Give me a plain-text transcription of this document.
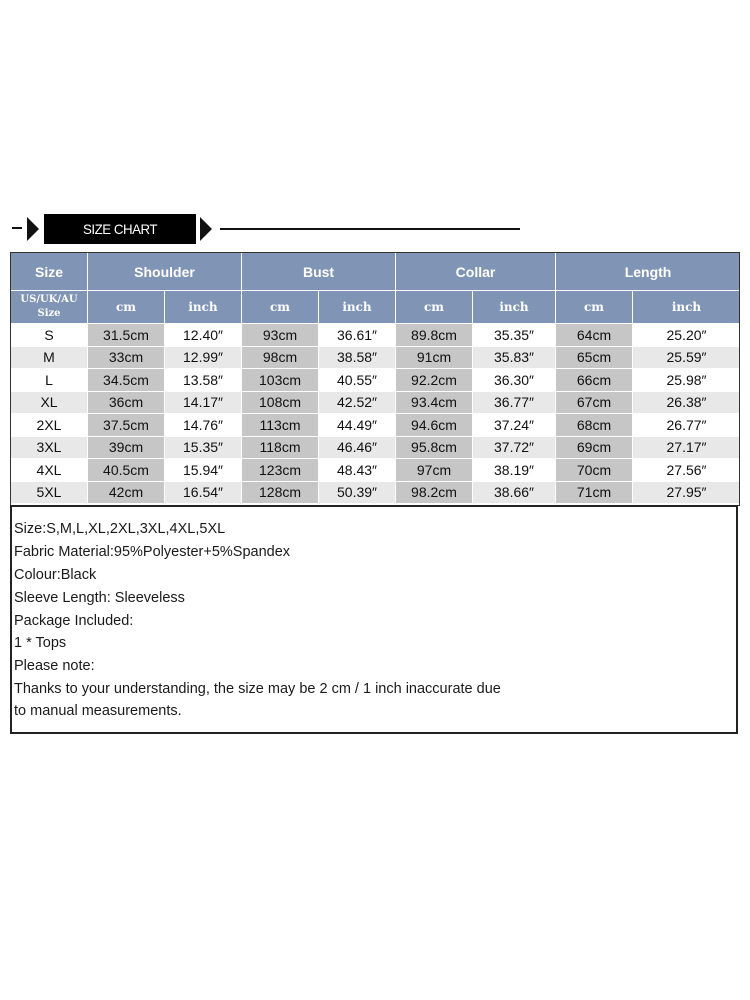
SIZE CHART
Size	Shoulder		Bust		Collar		Length	

US/UK/AU
Size	cm	inch	cm	inch	cm	inch	cm	inch
S	31.5cm	12.40″	93cm	36.61″	89.8cm	35.35″	64cm	25.20″
M	33cm	12.99″	98cm	38.58″	91cm	35.83″	65cm	25.59″
L	34.5cm	13.58″	103cm	40.55″	92.2cm	36.30″	66cm	25.98″
XL	36cm	14.17″	108cm	42.52″	93.4cm	36.77″	67cm	26.38″
2XL	37.5cm	14.76″	113cm	44.49″	94.6cm	37.24″	68cm	26.77″
3XL	39cm	15.35″	118cm	46.46″	95.8cm	37.72″	69cm	27.17″
4XL	40.5cm	15.94″	123cm	48.43″	97cm	38.19″	70cm	27.56″
5XL	42cm	16.54″	128cm	50.39″	98.2cm	38.66″	71cm	27.95″
Size:S,M,L,XL,2XL,3XL,4XL,5XL
Fabric Material:95%Polyester+5%Spandex
Colour:Black
Sleeve Length: Sleeveless
Package Included:
1 * Tops
Please note:
Thanks to your understanding, the size may be 2 cm / 1 inch inaccurate due
to manual measurements.
